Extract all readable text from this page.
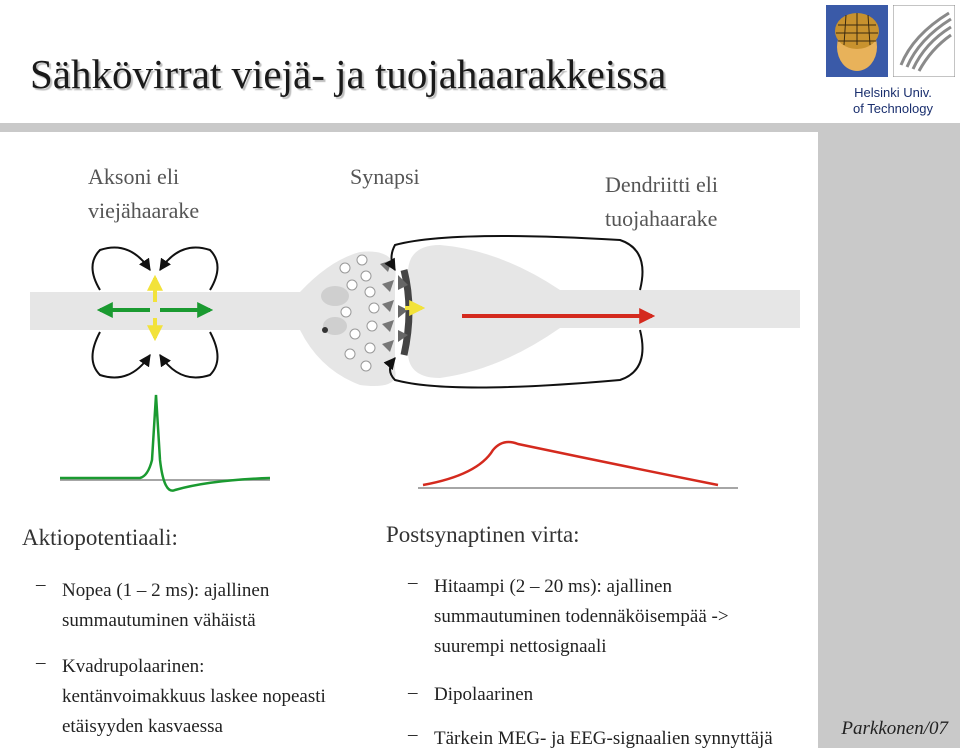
Sähkövirrat viejä- ja tuojahaarakkeissa	Helsinki Univ.
of Technology
Aksoni eli
viejähaarake
Synapsi	Dendriitti eli
tuojahaarake
Aktiopotentiaali:
– Nopea (1 – 2 ms): ajallinen
summautuminen vähäistä
– Kvadrupolaarinen:
kentänvoimakkuus laskee nopeasti
etäisyyden kasvaessa
Postsynaptinen virta:
– Hitaampi (2 – 20 ms): ajallinen
summautuminen todennäköisempää ->
suurempi nettosignaali
– Dipolaarinen
– Tärkein MEG- ja EEG-signaalien synnyttäjä	Parkkonen/07
